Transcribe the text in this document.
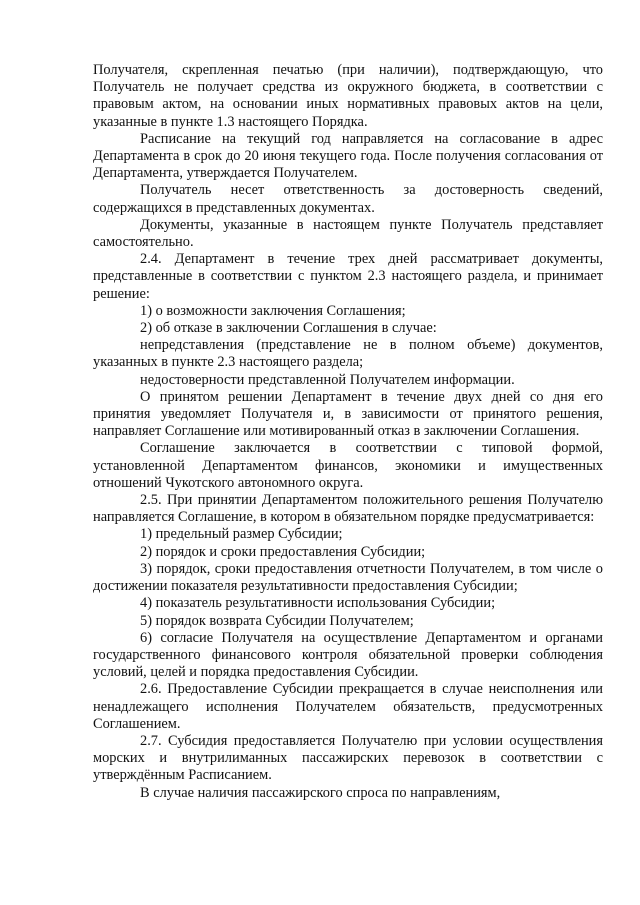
Получателя, скрепленная печатью (при наличии), подтверждающую, что Получатель не получает средства из окружного бюджета, в соответствии с правовым актом, на основании иных нормативных правовых актов на цели, указанные в пункте 1.3 настоящего Порядка.

Расписание на текущий год направляется на согласование в адрес Департамента в срок до 20 июня текущего года. После получения согласования от Департамента, утверждается Получателем.

Получатель несет ответственность за достоверность сведений, содержащихся в представленных документах.

Документы, указанные в настоящем пункте Получатель представляет самостоятельно.

2.4. Департамент в течение трех дней рассматривает документы, представленные в соответствии с пунктом 2.3 настоящего раздела, и принимает решение:

1) о возможности заключения Соглашения;

2) об отказе в заключении Соглашения в случае:

непредставления (представление не в полном объеме) документов, указанных в пункте 2.3 настоящего раздела;

недостоверности представленной Получателем информации.

О принятом решении Департамент в течение двух дней со дня его принятия уведомляет Получателя и, в зависимости от принятого решения, направляет Соглашение или мотивированный отказ в заключении Соглашения.

Соглашение заключается в соответствии с типовой формой, установленной Департаментом финансов, экономики и имущественных отношений Чукотского автономного округа.

2.5. При принятии Департаментом положительного решения Получателю направляется Соглашение, в котором в обязательном порядке предусматривается:

1) предельный размер Субсидии;

2) порядок и сроки предоставления Субсидии;

3) порядок, сроки предоставления отчетности Получателем, в том числе о достижении показателя результативности предоставления Субсидии;

4) показатель результативности использования Субсидии;

5) порядок возврата Субсидии Получателем;

6) согласие Получателя на осуществление Департаментом и органами государственного финансового контроля обязательной проверки соблюдения условий, целей и порядка предоставления Субсидии.

2.6. Предоставление Субсидии прекращается в случае неисполнения или ненадлежащего исполнения Получателем обязательств, предусмотренных Соглашением.

2.7. Субсидия предоставляется Получателю при условии осуществления морских и внутрилиманных пассажирских перевозок в соответствии с утверждённым Расписанием.

В случае наличия пассажирского спроса по направлениям,
